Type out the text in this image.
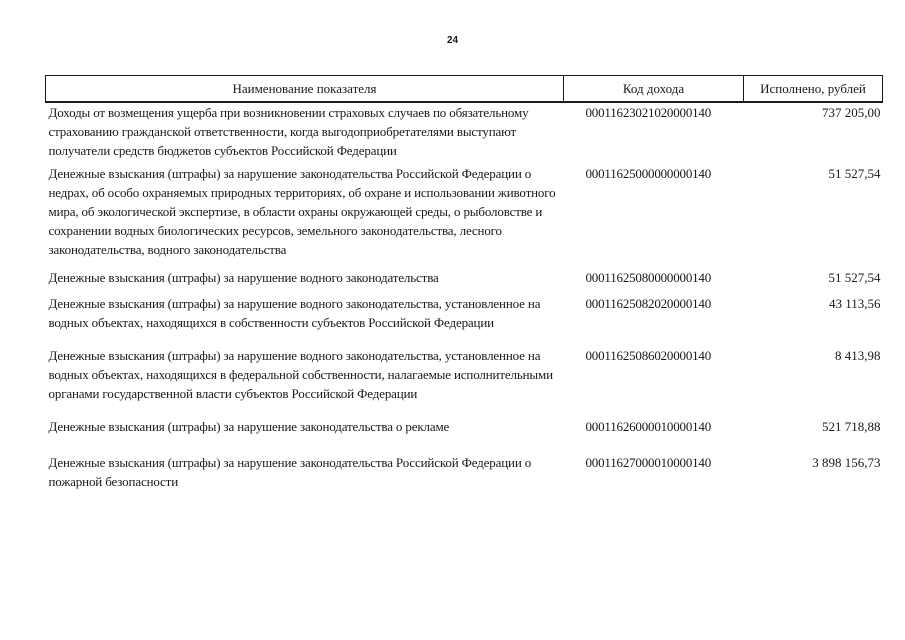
24
Наименование показателя	Код дохода	Исполнено, рублей
Доходы от возмещения ущерба при возникновении страховых случаев по обязательному страхованию гражданской ответственности, когда выгодоприобретателями выступают получатели средств бюджетов субъектов Российской Федерации	00011623021020000140	737 205,00
Денежные взыскания (штрафы) за нарушение законодательства Российской Федерации о недрах, об особо охраняемых природных территориях, об охране и использовании животного мира, об экологической экспертизе, в области охраны окружающей среды, о рыболовстве и сохранении водных биологических ресурсов, земельного законодательства, лесного законодательства, водного законодательства	00011625000000000140	51 527,54
Денежные взыскания (штрафы) за нарушение водного законодательства	00011625080000000140	51 527,54
Денежные взыскания (штрафы) за нарушение водного законодательства, установленное на водных объектах, находящихся в собственности субъектов Российской Федерации	00011625082020000140	43 113,56
Денежные взыскания (штрафы) за нарушение водного законодательства, установленное на водных объектах, находящихся в федеральной собственности, налагаемые исполнительными органами государственной власти субъектов Российской Федерации	00011625086020000140	8 413,98
Денежные взыскания (штрафы) за нарушение законодательства о рекламе	00011626000010000140	521 718,88
Денежные взыскания (штрафы) за нарушение законодательства Российской Федерации о пожарной безопасности	00011627000010000140	3 898 156,73
